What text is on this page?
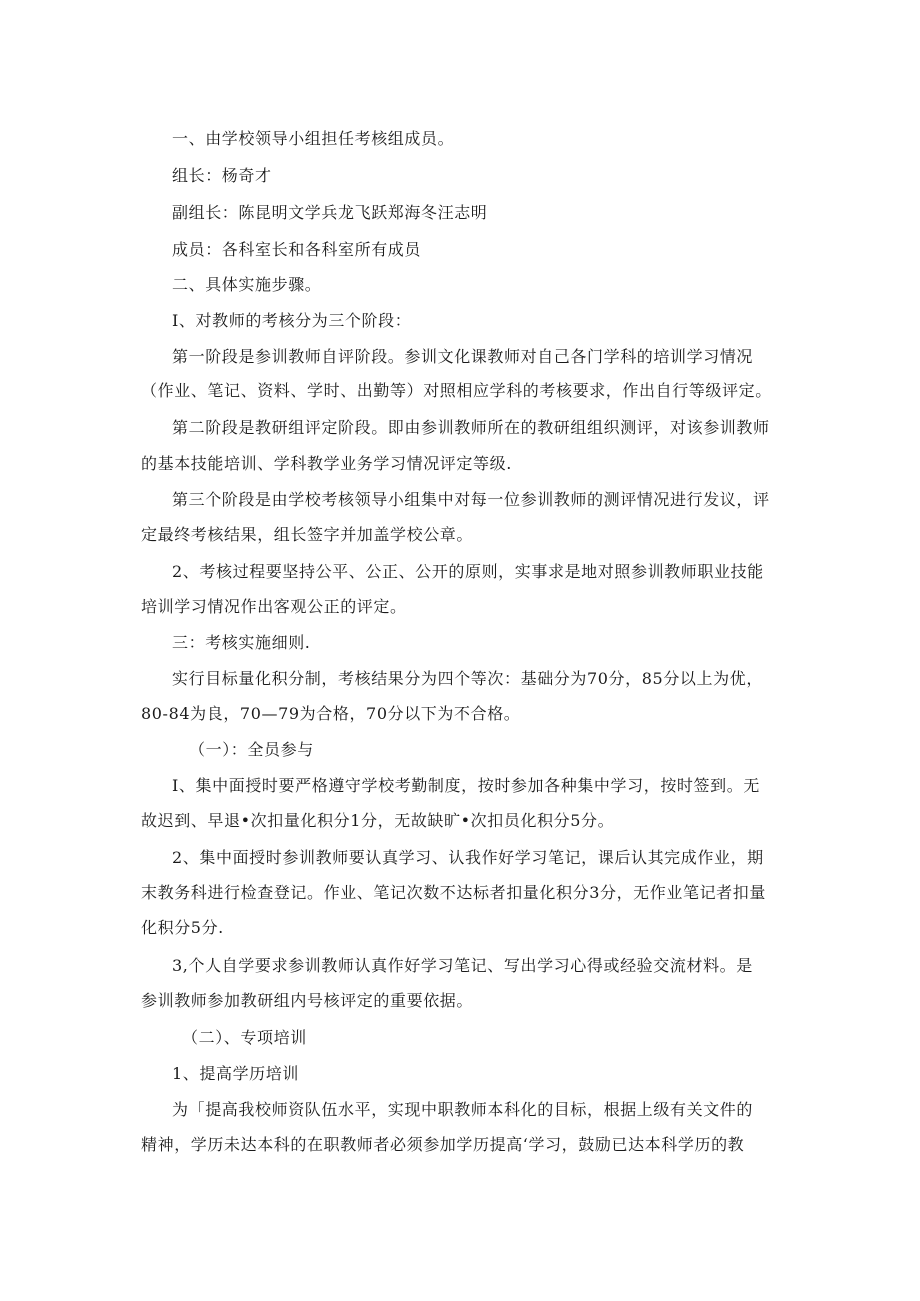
一、由学校领导小组担任考核组成员。
组长：杨奇才
副组长：陈昆明文学兵龙飞跃郑海冬汪志明
成员：各科室长和各科室所有成员
二、具体实施步骤。
I、对教师的考核分为三个阶段：
第一阶段是参训教师自评阶段。参训文化课教师对自己各门学科的培训学习情况
（作业、笔记、资料、学时、出勤等）对照相应学科的考核要求，作出自行等级评定。
第二阶段是教研组评定阶段。即由参训教师所在的教研组组织测评，对该参训教师
的基本技能培训、学科教学业务学习情况评定等级.
第三个阶段是由学校考核领导小组集中对每一位参训教师的测评情况进行发议，评
定最终考核结果，组长签字并加盖学校公章。
2、考核过程要坚持公平、公正、公开的原则，实事求是地对照参训教师职业技能
培训学习情况作出客观公正的评定。
三：考核实施细则.
实行目标量化积分制，考核结果分为四个等次：基础分为70分，85分以上为优，
80-84为良，70—79为合格，70分以下为不合格。
（一）：全员参与
I、集中面授时要严格遵守学校考勤制度，按时参加各种集中学习，按时签到。无
故迟到、早退•次扣量化积分1分，无故缺旷•次扣员化积分5分。
2、集中面授时参训教师要认真学习、认我作好学习笔记，课后认其完成作业，期
末教务科进行检查登记。作业、笔记次数不达标者扣量化积分3分，无作业笔记者扣量
化积分5分.
3,个人自学要求参训教师认真作好学习笔记、写出学习心得或经验交流材料。是
参训教师参加教研组内号核评定的重要依据。
（二）、专项培训
1、提高学历培训
为「提高我校师资队伍水平，实现中职教师本科化的目标，根据上级有关文件的
精神，学历未达本科的在职教师者必须参加学历提高‘学习，鼓励已达本科学历的教
